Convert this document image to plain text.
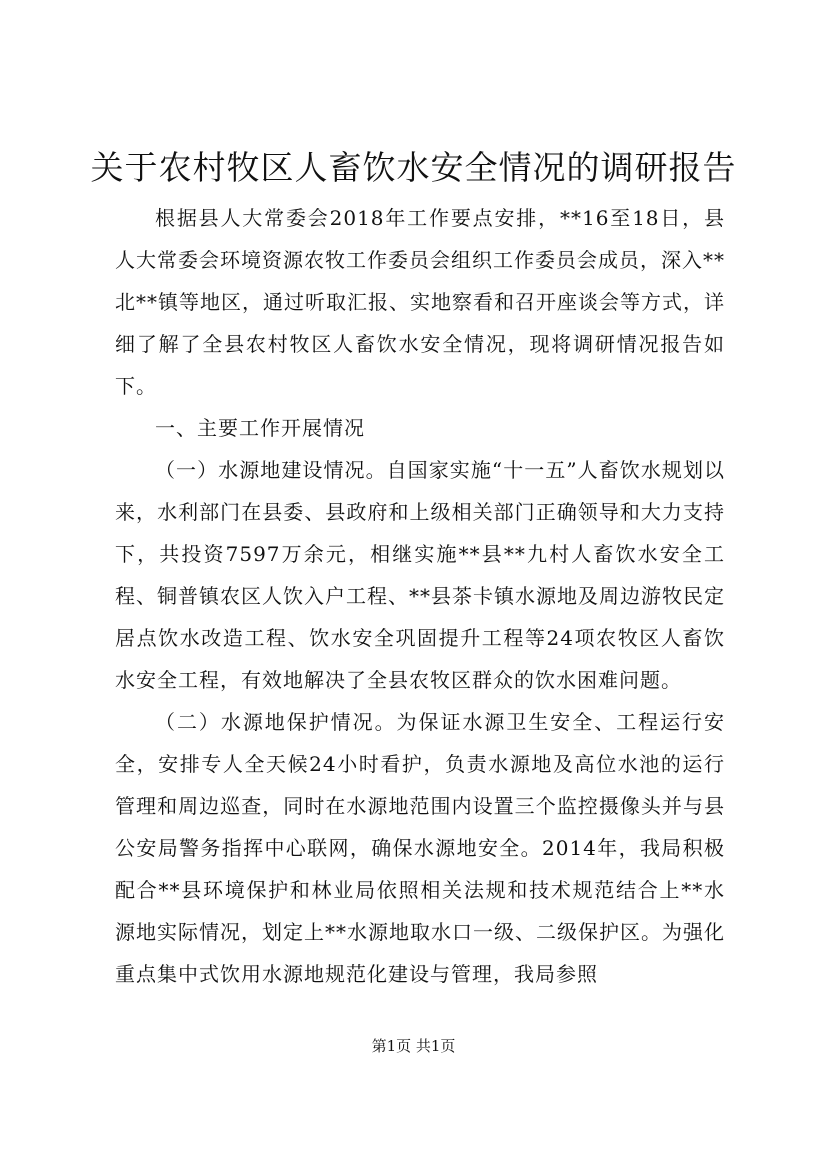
关于农村牧区人畜饮水安全情况的调研报告

根据县人大常委会2018年工作要点安排，**16至18日，县人大常委会环境资源农牧工作委员会组织工作委员会成员，深入**北**镇等地区，通过听取汇报、实地察看和召开座谈会等方式，详细了解了全县农村牧区人畜饮水安全情况，现将调研情况报告如下。

一、主要工作开展情况

（一）水源地建设情况。自国家实施“十一五”人畜饮水规划以来，水利部门在县委、县政府和上级相关部门正确领导和大力支持下，共投资7597万余元，相继实施**县**九村人畜饮水安全工程、铜普镇农区人饮入户工程、**县茶卡镇水源地及周边游牧民定居点饮水改造工程、饮水安全巩固提升工程等24项农牧区人畜饮水安全工程，有效地解决了全县农牧区群众的饮水困难问题。

（二）水源地保护情况。为保证水源卫生安全、工程运行安全，安排专人全天候24小时看护，负责水源地及高位水池的运行管理和周边巡查，同时在水源地范围内设置三个监控摄像头并与县公安局警务指挥中心联网，确保水源地安全。2014年，我局积极配合**县环境保护和林业局依照相关法规和技术规范结合上**水源地实际情况，划定上**水源地取水口一级、二级保护区。为强化重点集中式饮用水源地规范化建设与管理，我局参照

第1页 共1页
